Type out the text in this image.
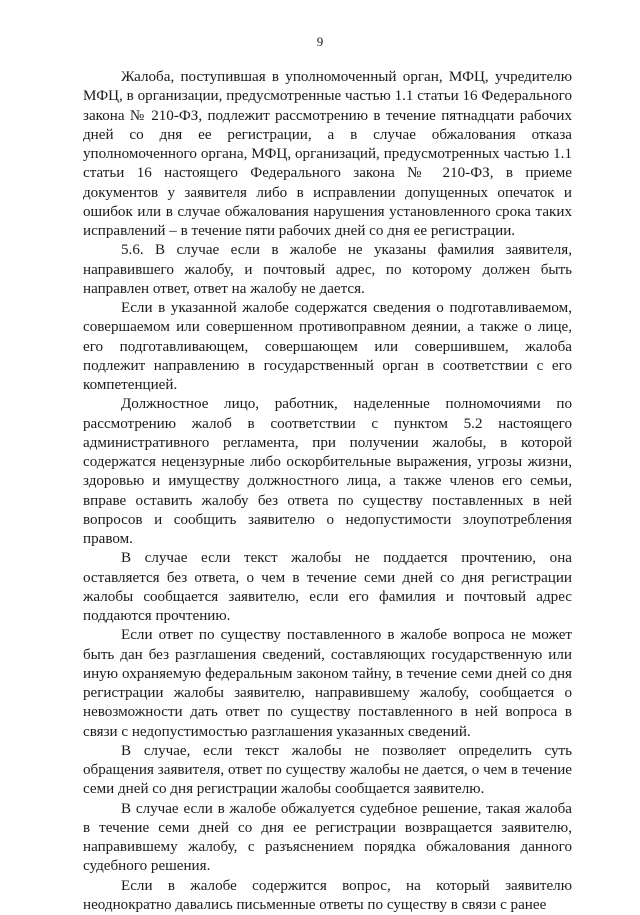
9

Жалоба, поступившая в уполномоченный орган, МФЦ, учредителю МФЦ, в организации, предусмотренные частью 1.1 статьи 16 Федерального закона № 210-ФЗ, подлежит рассмотрению в течение пятнадцати рабочих дней со дня ее регистрации, а в случае обжалования отказа уполномоченного органа, МФЦ, организаций, предусмотренных частью 1.1 статьи 16 настоящего Федерального закона № 210-ФЗ, в приеме документов у заявителя либо в исправлении допущенных опечаток и ошибок или в случае обжалования нарушения установленного срока таких исправлений – в течение пяти рабочих дней со дня ее регистрации.

5.6. В случае если в жалобе не указаны фамилия заявителя, направившего жалобу, и почтовый адрес, по которому должен быть направлен ответ, ответ на жалобу не дается.

Если в указанной жалобе содержатся сведения о подготавливаемом, совершаемом или совершенном противоправном деянии, а также о лице, его подготавливающем, совершающем или совершившем, жалоба подлежит направлению в государственный орган в соответствии с его компетенцией.

Должностное лицо, работник, наделенные полномочиями по рассмотрению жалоб в соответствии с пунктом 5.2 настоящего административного регламента, при получении жалобы, в которой содержатся нецензурные либо оскорбительные выражения, угрозы жизни, здоровью и имуществу должностного лица, а также членов его семьи, вправе оставить жалобу без ответа по существу поставленных в ней вопросов и сообщить заявителю о недопустимости злоупотребления правом.

В случае если текст жалобы не поддается прочтению, она оставляется без ответа, о чем в течение семи дней со дня регистрации жалобы сообщается заявителю, если его фамилия и почтовый адрес поддаются прочтению.

Если ответ по существу поставленного в жалобе вопроса не может быть дан без разглашения сведений, составляющих государственную или иную охраняемую федеральным законом тайну, в течение семи дней со дня регистрации жалобы заявителю, направившему жалобу, сообщается о невозможности дать ответ по существу поставленного в ней вопроса в связи с недопустимостью разглашения указанных сведений.

В случае, если текст жалобы не позволяет определить суть обращения заявителя, ответ по существу жалобы не дается, о чем в течение семи дней со дня регистрации жалобы сообщается заявителю.

В случае если в жалобе обжалуется судебное решение, такая жалоба в течение семи дней со дня ее регистрации возвращается заявителю, направившему жалобу, с разъяснением порядка обжалования данного судебного решения.

Если в жалобе содержится вопрос, на который заявителю неоднократно давались письменные ответы по существу в связи с ранее
